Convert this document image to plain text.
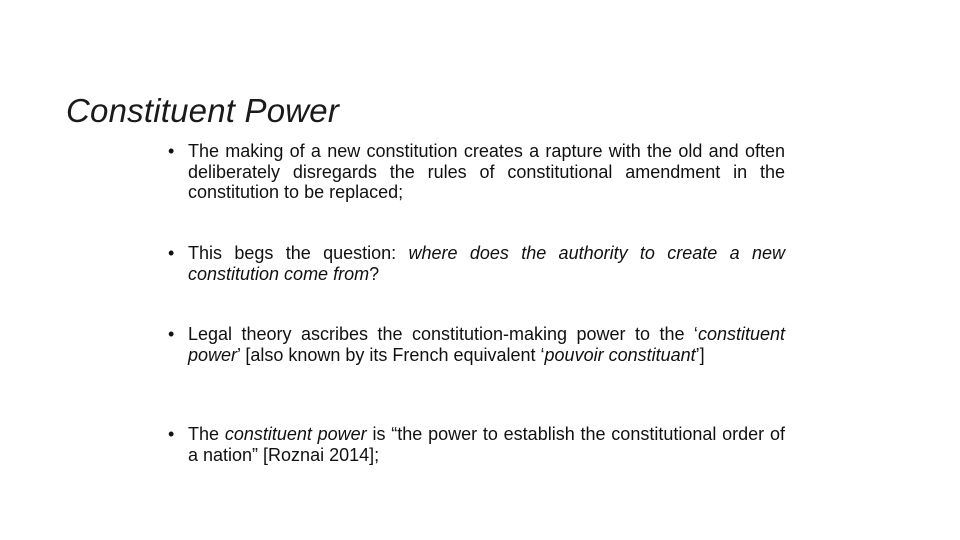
Constituent Power
• The making of a new constitution creates a rapture with the old and often deliberately disregards the rules of constitutional amendment in the constitution to be replaced;
• This begs the question: where does the authority to create a new constitution come from?
• Legal theory ascribes the constitution-making power to the ‘constituent power’ [also known by its French equivalent ‘pouvoir constituant’]
• The constituent power is “the power to establish the constitutional order of a nation” [Roznai 2014];
